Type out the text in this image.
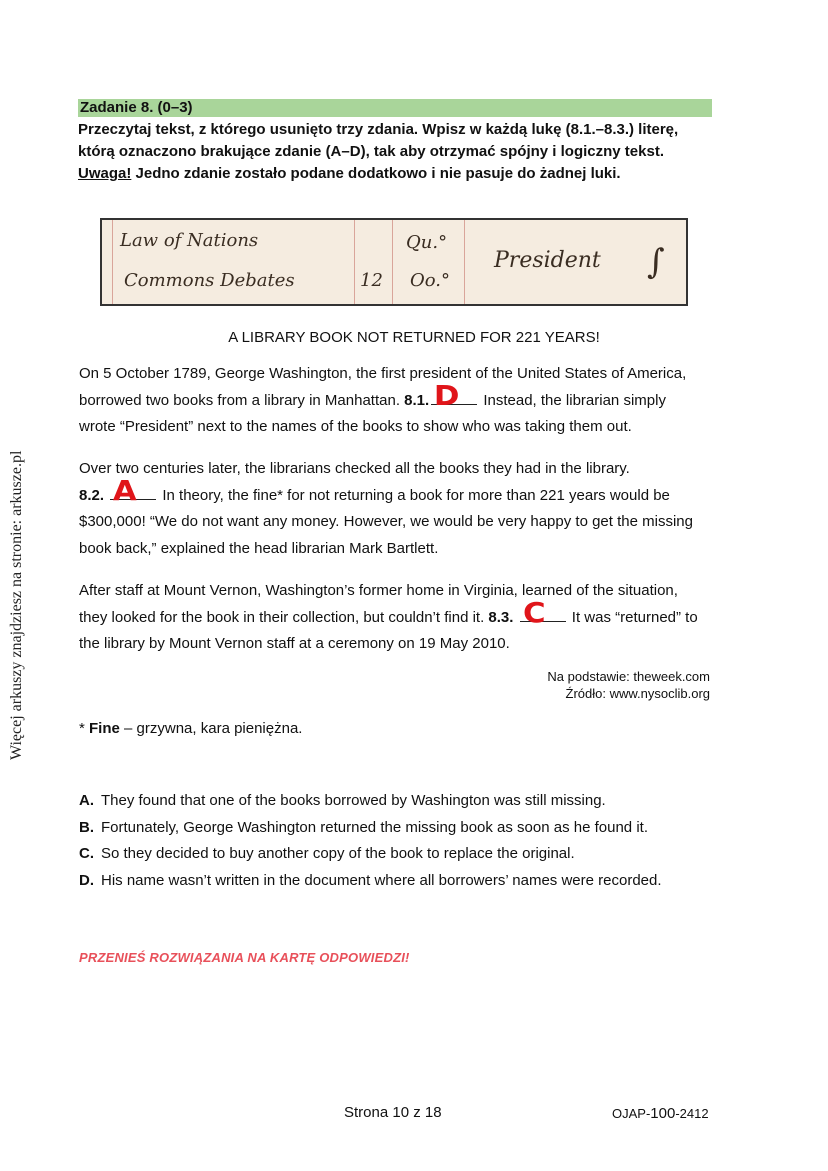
Więcej arkuszy znajdziesz na stronie: arkusze.pl
Zadanie 8. (0–3)
Przeczytaj tekst, z którego usunięto trzy zdania. Wpisz w każdą lukę (8.1.–8.3.) literę,
którą oznaczono brakujące zdanie (A–D), tak aby otrzymać spójny i logiczny tekst.
Uwaga! Jedno zdanie zostało podane dodatkowo i nie pasuje do żadnej luki.
Law of Nations
Commons Debates	12
Qu.°
Oo.°
President ∫
A LIBRARY BOOK NOT RETURNED FOR 221 YEARS!
On 5 October 1789, George Washington, the first president of the United States of America,
borrowed two books from a library in Manhattan. 8.1. D Instead, the librarian simply
wrote “President” next to the names of the books to show who was taking them out.
Over two centuries later, the librarians checked all the books they had in the library.
8.2. A In theory, the fine* for not returning a book for more than 221 years would be
$300,000! “We do not want any money. However, we would be very happy to get the missing
book back,” explained the head librarian Mark Bartlett.
After staff at Mount Vernon, Washington’s former home in Virginia, learned of the situation,
they looked for the book in their collection, but couldn’t find it. 8.3. C It was “returned” to
the library by Mount Vernon staff at a ceremony on 19 May 2010.
Na podstawie: theweek.com
Źródło: www.nysoclib.org
* Fine – grzywna, kara pieniężna.
A. They found that one of the books borrowed by Washington was still missing.
B. Fortunately, George Washington returned the missing book as soon as he found it.
C. So they decided to buy another copy of the book to replace the original.
D. His name wasn’t written in the document where all borrowers’ names were recorded.
PRZENIEŚ ROZWIĄZANIA NA KARTĘ ODPOWIEDZI!
Strona 10 z 18	OJAP-100-2412
